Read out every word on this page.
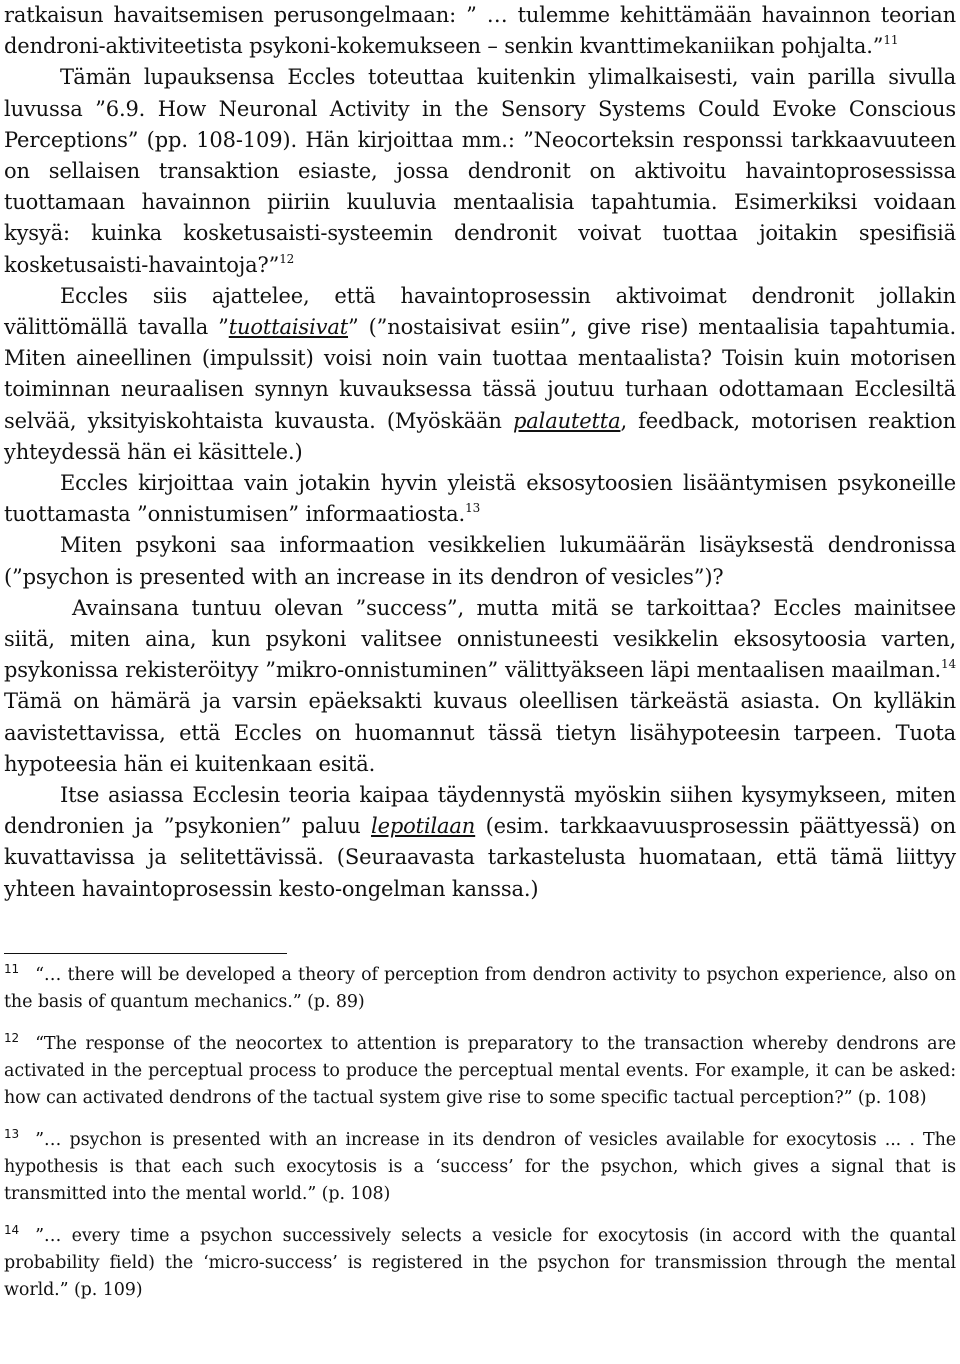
ratkaisun havaitsemisen perusongelmaan: ” … tulemme kehittämään havainnon teorian dendroni-aktiviteetista psykoni-kokemukseen – senkin kvanttimekaniikan pohjalta.”$^{11}$

Tämän lupauksensa Eccles toteuttaa kuitenkin ylimalkaisesti, vain parilla sivulla luvussa ”6.9. How Neuronal Activity in the Sensory Systems Could Evoke Conscious Perceptions” (pp. 108-109). Hän kirjoittaa mm.: ”Neocorteksin responssi tarkkaavuuteen on sellaisen transaktion esiaste, jossa dendronit on aktivoitu havaintoprosessissa tuottamaan havainnon piiriin kuuluvia mentaalisia tapahtumia. Esimerkiksi voidaan kysyä: kuinka kosketusaisti-systeemin dendronit voivat tuottaa joitakin spesifisiä kosketusaisti-havaintoja?”$^{12}$

Eccles siis ajattelee, että havaintoprosessin aktivoimat dendronit jollakin välittömällä tavalla ”tuottaisivat” (”nostaisivat esiin”, give rise) mentaalisia tapahtumia. Miten aineellinen (impulssit) voisi noin vain tuottaa mentaalista? Toisin kuin motorisen toiminnan neuraalisen synnyn kuvauksessa tässä joutuu turhaan odottamaan Ecclesiltä selvää, yksityiskohtaista kuvausta. (Myöskään palautetta, feedback, motorisen reaktion yhteydessä hän ei käsittele.)

Eccles kirjoittaa vain jotakin hyvin yleistä eksosytoosien lisääntymisen psykoneille tuottamasta ”onnistumisen” informaatiosta.$^{13}$

Miten psykoni saa informaation vesikkelien lukumäärän lisäyksestä dendronissa (”psychon is presented with an increase in its dendron of vesicles”)?

Avainsana tuntuu olevan ”success”, mutta mitä se tarkoittaa? Eccles mainitsee siitä, miten aina, kun psykoni valitsee onnistuneesti vesikkelin eksosytoosia varten, psykonissa rekisteröityy ”mikro-onnistuminen” välittyäkseen läpi mentaalisen maailman.$^{14}$ Tämä on hämärä ja varsin epäeksakti kuvaus oleellisen tärkeästä asiasta. On kylläkin aavistettavissa, että Eccles on huomannut tässä tietyn lisähypoteesin tarpeen. Tuota hypoteesia hän ei kuitenkaan esitä.

Itse asiassa Ecclesin teoria kaipaa täydennystä myöskin siihen kysymykseen, miten dendronien ja ”psykonien” paluu lepotilaan (esim. tarkkaavuusprosessin päättyessä) on kuvattavissa ja selitettävissä. (Seuraavasta tarkastelusta huomataan, että tämä liittyy yhteen havaintoprosessin kesto-ongelman kanssa.)

$^{11}$ “… there will be developed a theory of perception from dendron activity to psychon experience, also on the basis of quantum mechanics.” (p. 89)

$^{12}$ “The response of the neocortex to attention is preparatory to the transaction whereby dendrons are activated in the perceptual process to produce the perceptual mental events. For example, it can be asked: how can activated dendrons of the tactual system give rise to some specific tactual perception?” (p. 108)

$^{13}$ ”… psychon is presented with an increase in its dendron of vesicles available for exocytosis ... . The hypothesis is that each such exocytosis is a ‘success’ for the psychon, which gives a signal that is transmitted into the mental world.” (p. 108)

$^{14}$ ”… every time a psychon successively selects a vesicle for exocytosis (in accord with the quantal probability field) the ‘micro-success’ is registered in the psychon for transmission through the mental world.” (p. 109)
